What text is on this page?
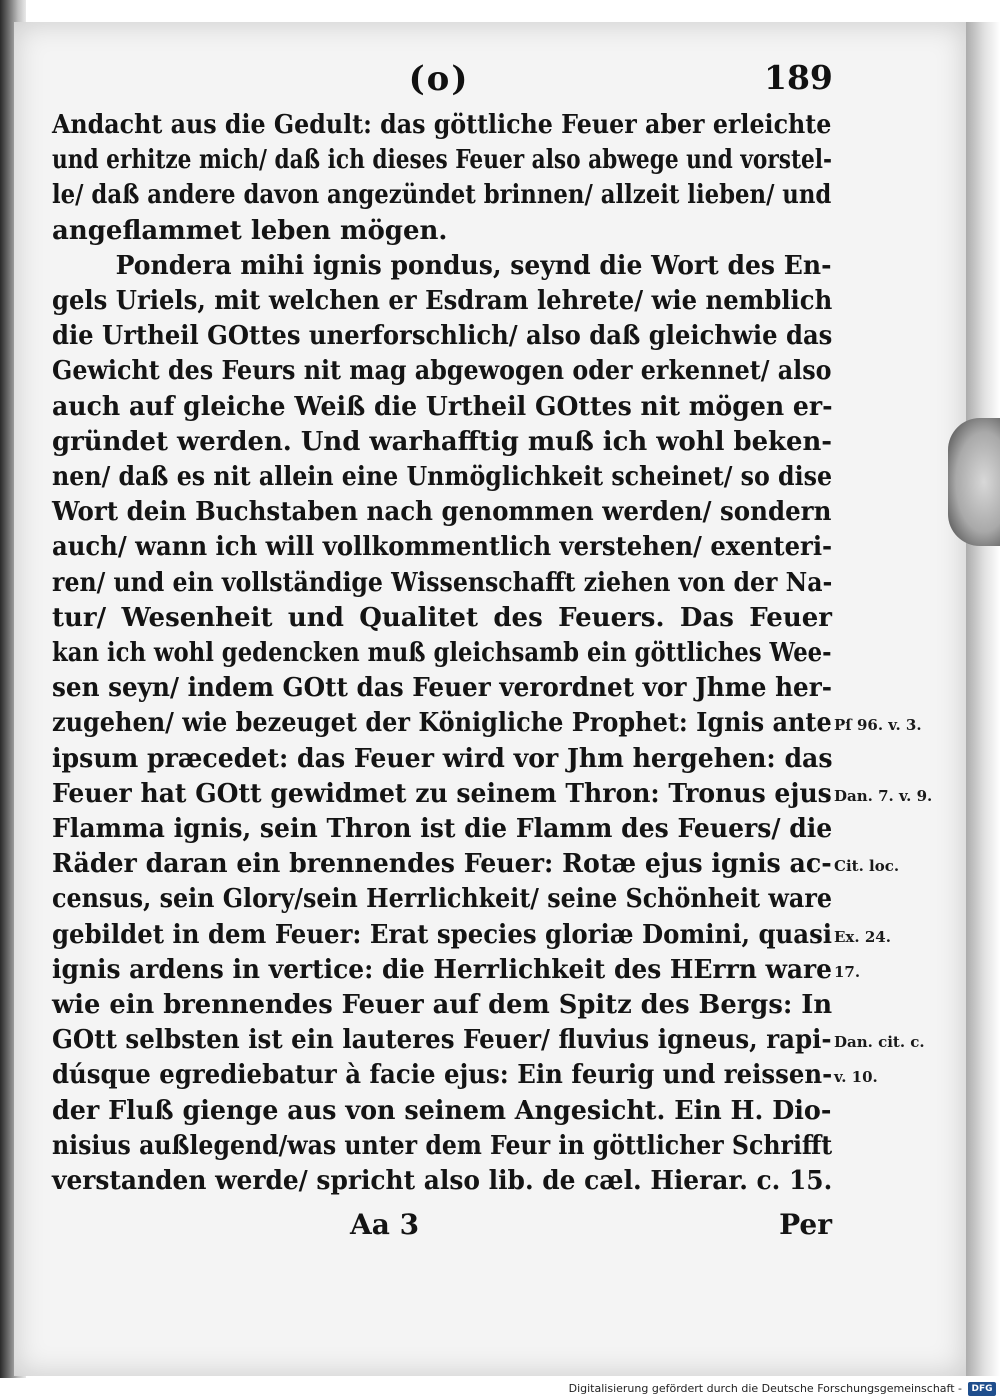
(o)	189
Andacht aus die Gedult: das göttliche Feuer aber erleichte
und erhitze mich/ daß ich dieses Feuer also abwege und vorstel-
le/ daß andere davon angezündet brinnen/ allzeit lieben/ und
angeflammet leben mögen.
Pondera mihi ignis pondus, seynd die Wort des En-
gels Uriels, mit welchen er Esdram lehrete/ wie nemblich
die Urtheil GOttes unerforschlich/ also daß gleichwie das
Gewicht des Feurs nit mag abgewogen oder erkennet/ also
auch auf gleiche Weiß die Urtheil GOttes nit mögen er-
gründet werden. Und warhafftig muß ich wohl beken-
nen/ daß es nit allein eine Unmöglichkeit scheinet/ so dise
Wort dein Buchstaben nach genommen werden/ sondern
auch/ wann ich will vollkommentlich verstehen/ exenteri-
ren/ und ein vollständige Wissenschafft ziehen von der Na-
tur/ Wesenheit und Qualitet des Feuers. Das Feuer
kan ich wohl gedencken muß gleichsamb ein göttliches Wee-
sen seyn/ indem GOtt das Feuer verordnet vor Jhme her-
zugehen/ wie bezeuget der Königliche Prophet: Ignis ante
ipsum præcedet: das Feuer wird vor Jhm hergehen: das
Feuer hat GOtt gewidmet zu seinem Thron: Tronus ejus
Flamma ignis, sein Thron ist die Flamm des Feuers/ die
Räder daran ein brennendes Feuer: Rotæ ejus ignis ac-
census, sein Glory/sein Herrlichkeit/ seine Schönheit ware
gebildet in dem Feuer: Erat species gloriæ Domini, quasi
ignis ardens in vertice: die Herrlichkeit des HErrn ware
wie ein brennendes Feuer auf dem Spitz des Bergs: In
GOtt selbsten ist ein lauteres Feuer/ fluvius igneus, rapi-
dúsque egrediebatur à facie ejus: Ein feurig und reissen-
der Fluß gienge aus von seinem Angesicht. Ein H. Dio-
nisius außlegend/was unter dem Feur in göttlicher Schrifft
verstanden werde/ spricht also lib. de cæl. Hierar. c. 15.
Pſ 96. v. 3.
Dan. 7. v. 9.
Cit. loc.
Ex. 24.
17.
Dan. cit. c.
v. 10.
Aa 3	Per
Digitalisierung gefördert durch die Deutsche Forschungsgemeinschaft -	DFG
